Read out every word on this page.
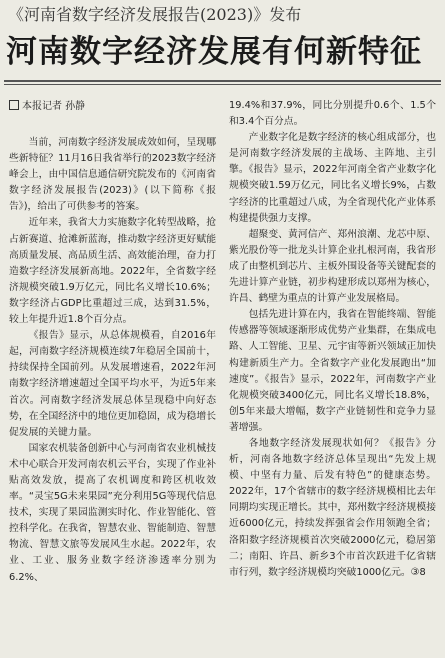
《河南省数字经济发展报告(2023)》发布
河南数字经济发展有何新特征
本报记者 孙静

当前，河南数字经济发展成效如何，呈现哪些新特征？11月16日我省举行的2023数字经济峰会上，由中国信息通信研究院发布的《河南省数字经济发展报告(2023)》(以下简称《报告》)，给出了可供参考的答案。

近年来，我省大力实施数字化转型战略，抢占新赛道、抢滩新蓝海，推动数字经济更好赋能高质量发展、高品质生活、高效能治理，奋力打造数字经济发展新高地。2022年，全省数字经济规模突破1.9万亿元，同比名义增长10.6%；数字经济占GDP比重超过三成，达到31.5%，较上年提升近1.8个百分点。

《报告》显示，从总体规模看，自2016年起，河南数字经济规模连续7年稳居全国前十，持续保持全国前列。从发展增速看，2022年河南数字经济增速超过全国平均水平，为近5年来首次。河南数字经济发展总体呈现稳中向好态势，在全国经济中的地位更加稳固，成为稳增长促发展的关键力量。

国家农机装备创新中心与河南省农业机械技术中心联合开发河南农机云平台，实现了作业补贴高效发放，提高了农机调度和跨区机收效率。“灵宝5G未来果园”充分利用5G等现代信息技术，实现了果园监测实时化、作业智能化、管控科学化。在我省，智慧农业、智能制造、智慧物流、智慧文旅等发展风生水起。2022年，农业、工业、服务业数字经济渗透率分别为6.2%、

19.4%和37.9%，同比分别提升0.6个、1.5个和3.4个百分点。

产业数字化是数字经济的核心组成部分，也是河南数字经济发展的主战场、主阵地、主引擎。《报告》显示，2022年河南全省产业数字化规模突破1.59万亿元，同比名义增长9%，占数字经济的比重超过八成，为全省现代化产业体系构建提供强力支撑。

超聚变、黄河信产、郑州浪潮、龙芯中原、紫光股份等一批龙头计算企业扎根河南，我省形成了由整机到芯片、主板外围设备等关键配套的先进计算产业链，初步构建形成以郑州为核心，许昌、鹤壁为重点的计算产业发展格局。

包括先进计算在内，我省在智能终端、智能传感器等领域逐渐形成优势产业集群，在集成电路、人工智能、卫星、元宇宙等新兴领域正加快构建新质生产力。全省数字产业化发展跑出“加速度”。《报告》显示，2022年，河南数字产业化规模突破3400亿元，同比名义增长18.8%，创5年来最大增幅，数字产业链韧性和竞争力显著增强。

各地数字经济发展现状如何？《报告》分析，河南各地数字经济总体呈现出“先发上规模、中坚有力量、后发有特色”的健康态势。2022年，17个省辖市的数字经济规模相比去年同期均实现正增长。其中，郑州数字经济规模接近6000亿元，持续发挥强省会作用领跑全省；洛阳数字经济规模首次突破2000亿元，稳居第二；南阳、许昌、新乡3个市首次跃进千亿省辖市行列，数字经济规模均突破1000亿元。③8
